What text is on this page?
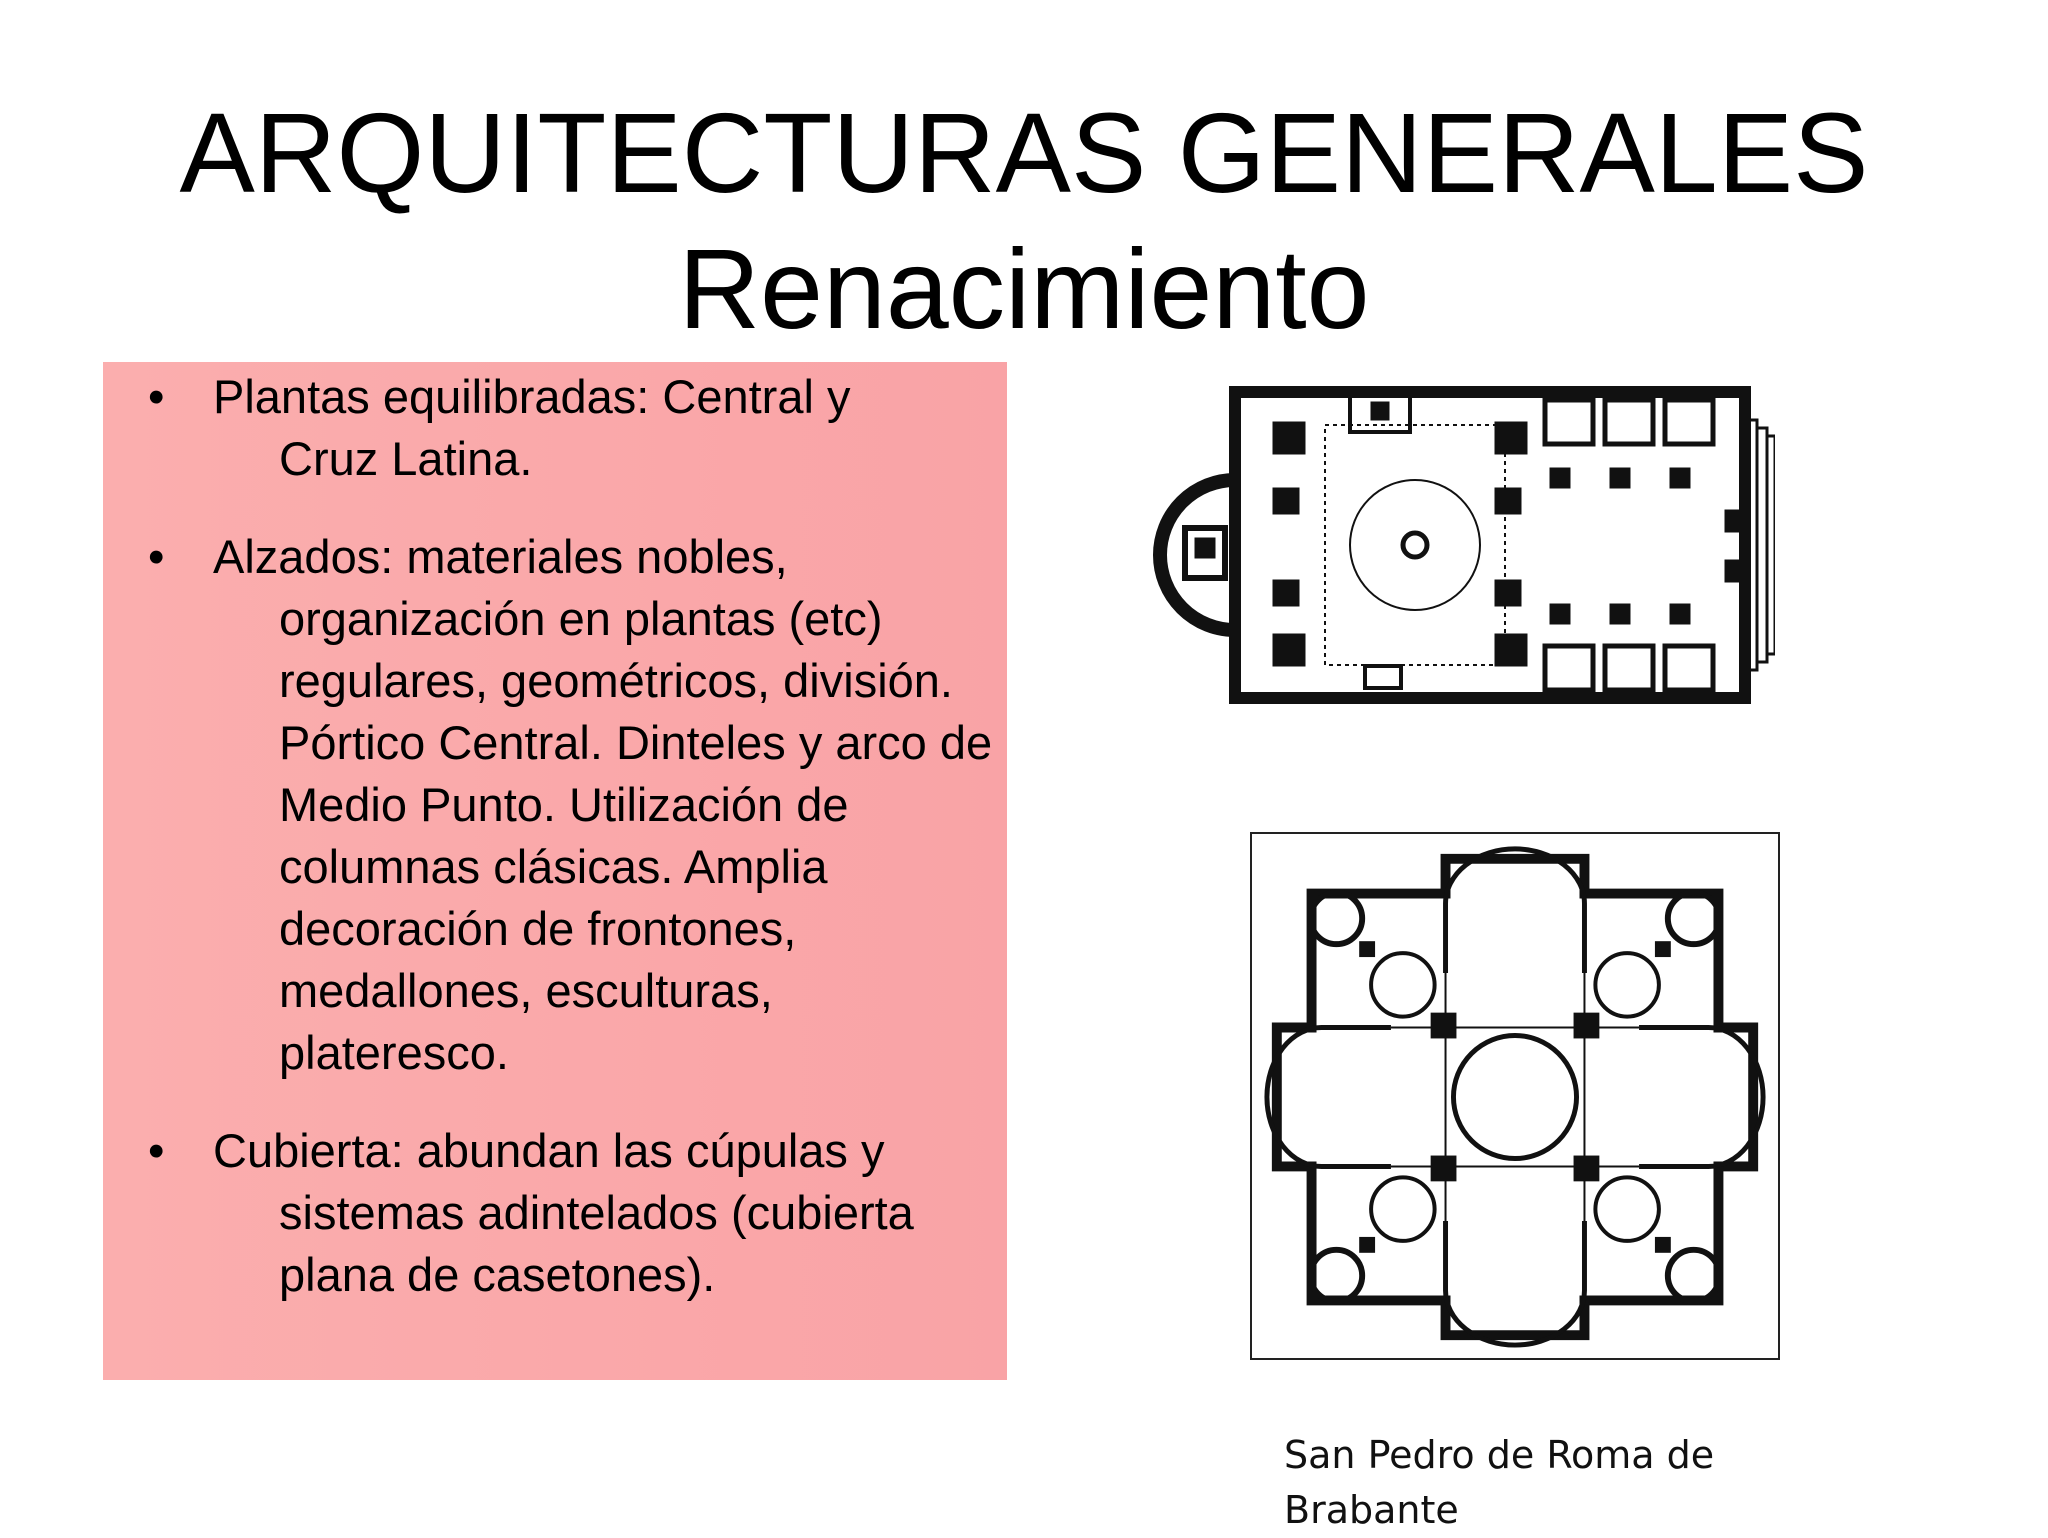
ARQUITECTURAS GENERALES
Renacimiento
• Plantas equilibradas: Central y
Cruz Latina.
• Alzados: materiales nobles,
organización en plantas (etc) regulares, geométricos, división. Pórtico Central. Dinteles y arco de Medio Punto. Utilización de columnas clásicas. Amplia decoración de frontones, medallones, esculturas, plateresco.
• Cubierta: abundan las cúpulas y
sistemas adintelados (cubierta plana de casetones).
San Pedro de Roma de Brabante
